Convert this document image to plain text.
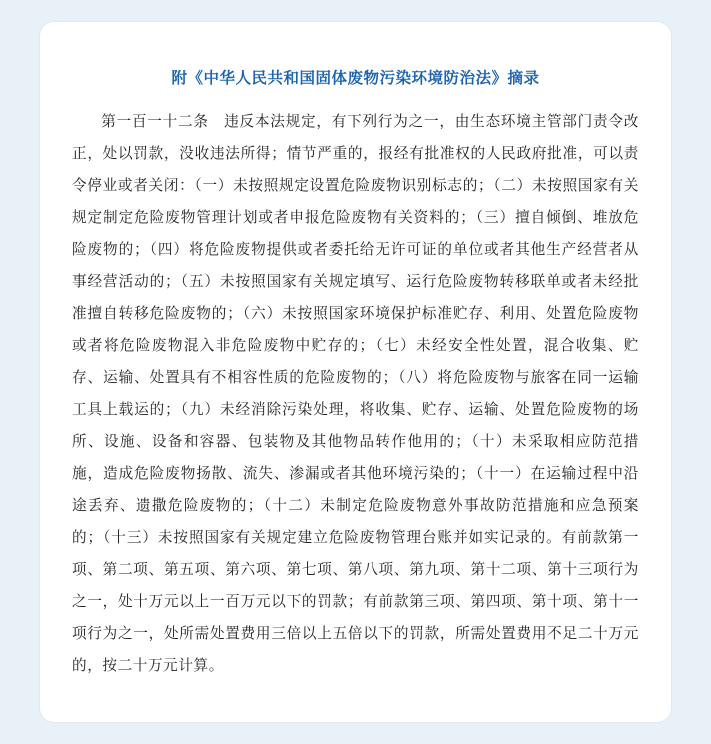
附《中华人民共和国固体废物污染环境防治法》摘录
第一百一十二条　违反本法规定，有下列行为之一，由生态环境主管部门责令改正，处以罚款，没收违法所得；情节严重的，报经有批准权的人民政府批准，可以责令停业或者关闭：（一）未按照规定设置危险废物识别标志的；（二）未按照国家有关规定制定危险废物管理计划或者申报危险废物有关资料的；（三）擅自倾倒、堆放危险废物的；（四）将危险废物提供或者委托给无许可证的单位或者其他生产经营者从事经营活动的；（五）未按照国家有关规定填写、运行危险废物转移联单或者未经批准擅自转移危险废物的；（六）未按照国家环境保护标准贮存、利用、处置危险废物或者将危险废物混入非危险废物中贮存的；（七）未经安全性处置，混合收集、贮存、运输、处置具有不相容性质的危险废物的；（八）将危险废物与旅客在同一运输工具上载运的；（九）未经消除污染处理，将收集、贮存、运输、处置危险废物的场所、设施、设备和容器、包装物及其他物品转作他用的；（十）未采取相应防范措施，造成危险废物扬散、流失、渗漏或者其他环境污染的；（十一）在运输过程中沿途丢弃、遗撒危险废物的；（十二）未制定危险废物意外事故防范措施和应急预案的；（十三）未按照国家有关规定建立危险废物管理台账并如实记录的。有前款第一项、第二项、第五项、第六项、第七项、第八项、第九项、第十二项、第十三项行为之一，处十万元以上一百万元以下的罚款；有前款第三项、第四项、第十项、第十一项行为之一，处所需处置费用三倍以上五倍以下的罚款，所需处置费用不足二十万元的，按二十万元计算。
